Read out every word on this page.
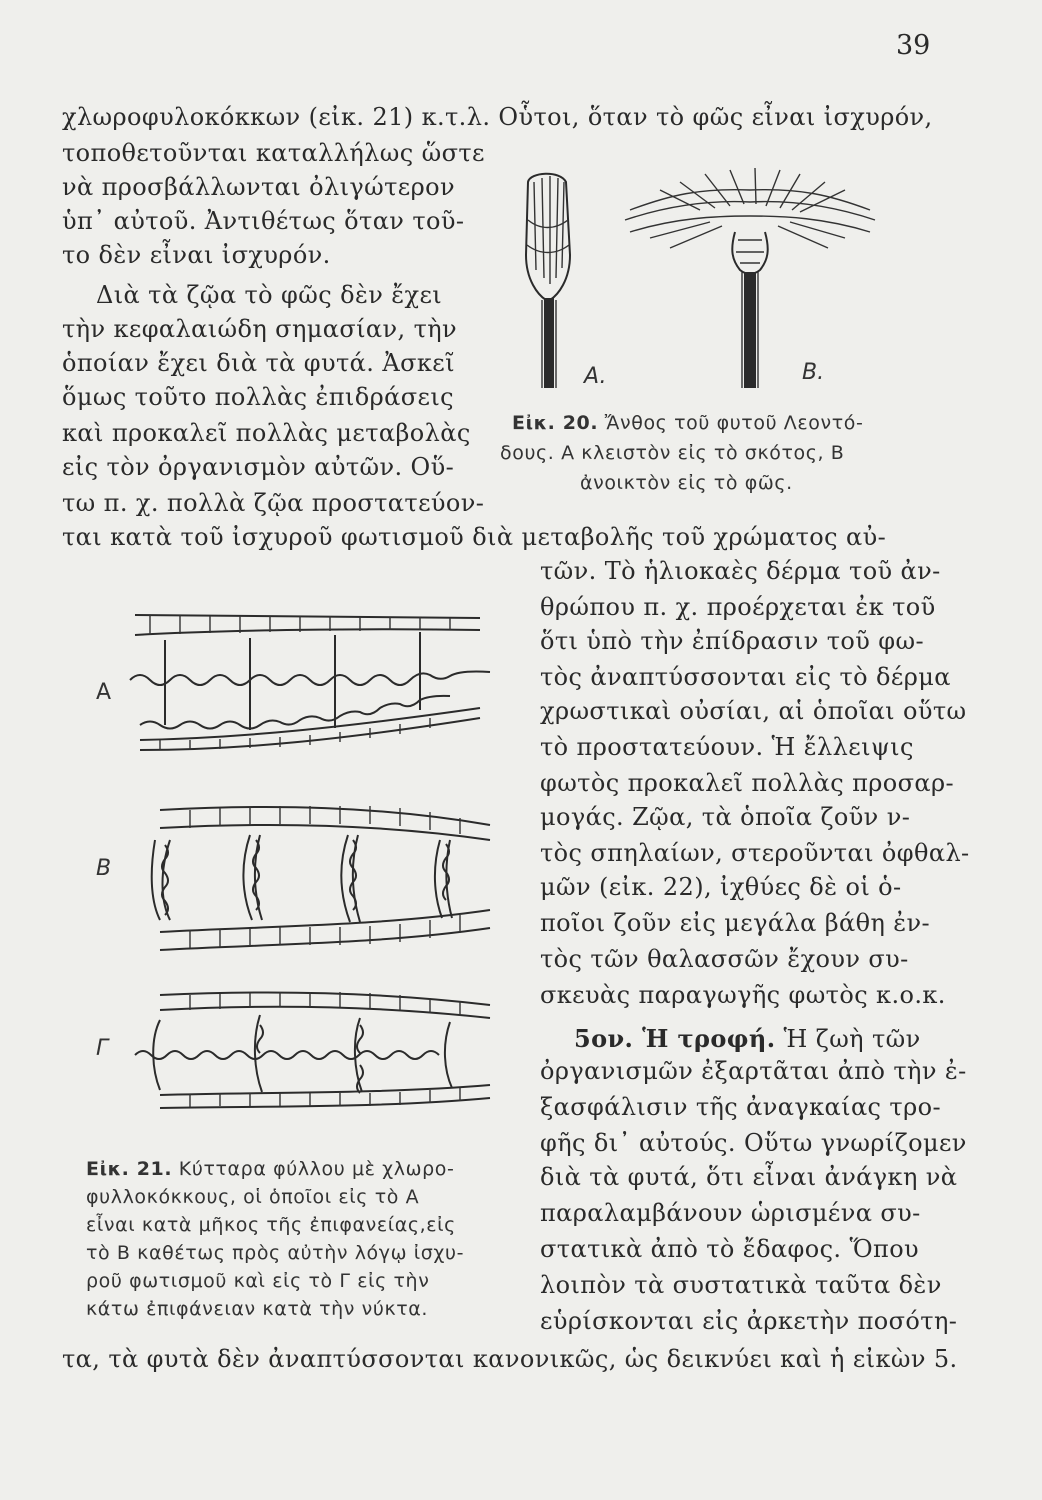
39
χλωροφυλοκόκκων (εἰκ. 21) κ.τ.λ. Οὗτοι, ὅταν τὸ φῶς εἶναι ἰσχυρόν,
τοποθετοῦνται καταλλήλως ὥστε
νὰ προσβάλλωνται ὀλιγώτερον
ὑπ᾿ αὐτοῦ. Ἀντιθέτως ὅταν τοῦ-
το δὲν εἶναι ἰσχυρόν.
Διὰ τὰ ζῷα τὸ φῶς δὲν ἔχει
τὴν κεφαλαιώδη σημασίαν, τὴν
ὁποίαν ἔχει διὰ τὰ φυτά. Ἀσκεῖ
ὅμως τοῦτο πολλὰς ἐπιδράσεις
καὶ προκαλεῖ πολλὰς μεταβολὰς
εἰς τὸν ὀργανισμὸν αὐτῶν. Οὕ-
τω π. χ. πολλὰ ζῷα προστατεύον-
ται κατὰ τοῦ ἰσχυροῦ φωτισμοῦ διὰ μεταβολῆς τοῦ χρώματος αὐ-
τῶν. Τὸ ἡλιοκαὲς δέρμα τοῦ ἀν-
θρώπου π. χ. προέρχεται ἐκ τοῦ
ὅτι ὑπὸ τὴν ἐπίδρασιν τοῦ φω-
τὸς ἀναπτύσσονται εἰς τὸ δέρμα
χρωστικαὶ οὐσίαι, αἱ ὁποῖαι οὕτω
τὸ προστατεύουν. Ἡ ἔλλειψις
φωτὸς προκαλεῖ πολλὰς προσαρ-
μογάς. Ζῷα, τὰ ὁποῖα ζοῦν ν-
τὸς σπηλαίων, στεροῦνται ὀφθαλ-
μῶν (εἰκ. 22), ἰχθύες δὲ οἱ ὁ-
ποῖοι ζοῦν εἰς μεγάλα βάθη ἐν-
τὸς τῶν θαλασσῶν ἔχουν συ-
σκευὰς παραγωγῆς φωτὸς κ.ο.κ.
5ον. Ἡ τροφή. Ἡ ζωὴ τῶν
ὀργανισμῶν ἐξαρτᾶται ἀπὸ τὴν ἐ-
ξασφάλισιν τῆς ἀναγκαίας τρο-
φῆς δι᾿ αὐτούς. Οὕτω γνωρίζομεν
διὰ τὰ φυτά, ὅτι εἶναι ἀνάγκη νὰ
παραλαμβάνουν ὡρισμένα συ-
στατικὰ ἀπὸ τὸ ἔδαφος. Ὅπου
λοιπὸν τὰ συστατικὰ ταῦτα δὲν
εὑρίσκονται εἰς ἀρκετὴν ποσότη-
τα, τὰ φυτὰ δὲν ἀναπτύσσονται κανονικῶς, ὡς δεικνύει καὶ ἡ εἰκὼν 5.
A.	B.
Εἰκ. 20. Ἄνθος τοῦ φυτοῦ Λεοντό-
δους. Α κλειστὸν εἰς τὸ σκότος, Β
ἀνοικτὸν εἰς τὸ φῶς.
A
B
Γ
Εἰκ. 21. Κύτταρα φύλλου μὲ χλωρο-
φυλλοκόκκους, οἱ ὁποῖοι εἰς τὸ Α
εἶναι κατὰ μῆκος τῆς ἐπιφανείας,εἰς
τὸ Β καθέτως πρὸς αὐτὴν λόγῳ ἰσχυ-
ροῦ φωτισμοῦ καὶ εἰς τὸ Γ εἰς τὴν
κάτω ἐπιφάνειαν κατὰ τὴν νύκτα.
